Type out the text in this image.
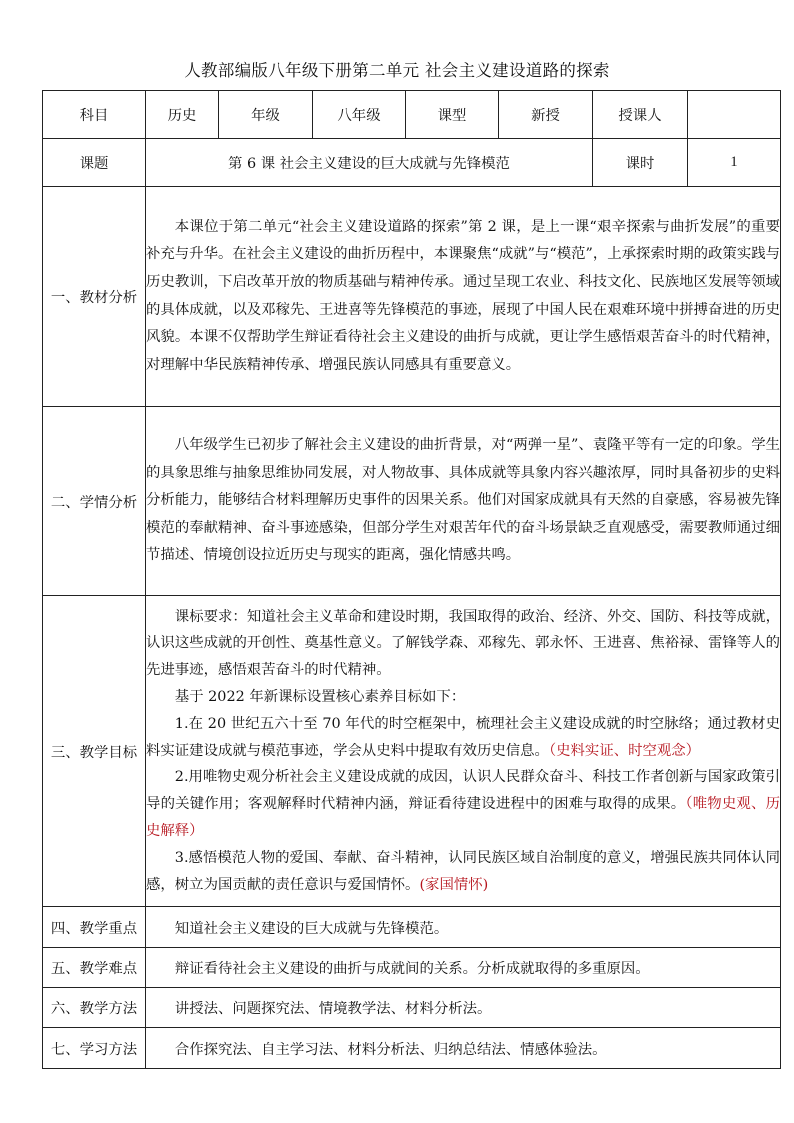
人教部编版八年级下册第二单元 社会主义建设道路的探索
科目	历史	年级	八年级	课型	新授	授课人	
课题	第 6 课 社会主义建设的巨大成就与先锋模范					课时	1
一、教材分析	本课位于第二单元“社会主义建设道路的探索”第 2 课，是上一课“艰辛探索与曲折发展”的重要补充与升华。在社会主义建设的曲折历程中，本课聚焦“成就”与“模范”，上承探索时期的政策实践与历史教训，下启改革开放的物质基础与精神传承。通过呈现工农业、科技文化、民族地区发展等领域的具体成就，以及邓稼先、王进喜等先锋模范的事迹，展现了中国人民在艰难环境中拼搏奋进的历史风貌。本课不仅帮助学生辩证看待社会主义建设的曲折与成就，更让学生感悟艰苦奋斗的时代精神，对理解中华民族精神传承、增强民族认同感具有重要意义。						

二、学情分析	八年级学生已初步了解社会主义建设的曲折背景，对“两弹一星”、袁隆平等有一定的印象。学生的具象思维与抽象思维协同发展，对人物故事、具体成就等具象内容兴趣浓厚，同时具备初步的史料分析能力，能够结合材料理解历史事件的因果关系。他们对国家成就具有天然的自豪感，容易被先锋模范的奉献精神、奋斗事迹感染，但部分学生对艰苦年代的奋斗场景缺乏直观感受，需要教师通过细节描述、情境创设拉近历史与现实的距离，强化情感共鸣。						

三、教学目标	课标要求：知道社会主义革命和建设时期，我国取得的政治、经济、外交、国防、科技等成就，认识这些成就的开创性、奠基性意义。了解钱学森、邓稼先、郭永怀、王进喜、焦裕禄、雷锋等人的先进事迹，感悟艰苦奋斗的时代精神。

基于 2022 年新课标设置核心素养目标如下：

1.在 20 世纪五六十至 70 年代的时空框架中，梳理社会主义建设成就的时空脉络；通过教材史料实证建设成就与模范事迹，学会从史料中提取有效历史信息。（史料实证、时空观念）

2.用唯物史观分析社会主义建设成就的成因，认识人民群众奋斗、科技工作者创新与国家政策引导的关键作用；客观解释时代精神内涵，辩证看待建设进程中的困难与取得的成果。（唯物史观、历史解释）

3.感悟模范人物的爱国、奉献、奋斗精神，认同民族区域自治制度的意义，增强民族共同体认同感，树立为国贡献的责任意识与爱国情怀。(家国情怀)						

四、教学重点	知道社会主义建设的巨大成就与先锋模范。						
五、教学难点	辩证看待社会主义建设的曲折与成就间的关系。分析成就取得的多重原因。						
六、教学方法	讲授法、问题探究法、情境教学法、材料分析法。						
七、学习方法	合作探究法、自主学习法、材料分析法、归纳总结法、情感体验法。						
